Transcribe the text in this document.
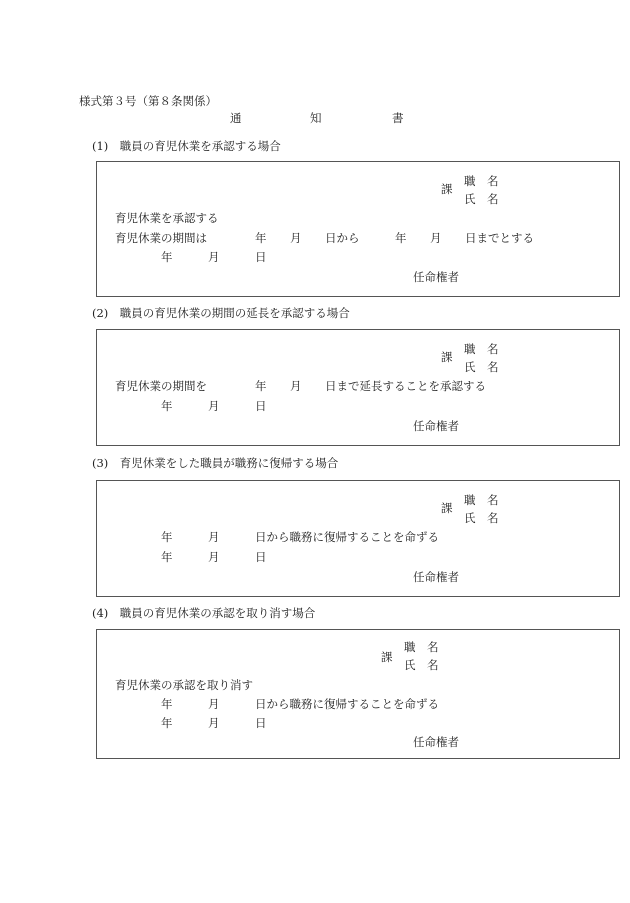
様式第３号（第８条関係）
通	知	書
(1)　職員の育児休業を承認する場合
課
職　名
氏　名
育児休業を承認する
育児休業の期間は	年 月 日から	年 月 日までとする
年	月	日
任命権者
(2)　職員の育児休業の期間の延長を承認する場合
課
職　名
氏　名
育児休業の期間を	年 月 日まで延長することを承認する
年	月	日
任命権者
(3)　育児休業をした職員が職務に復帰する場合
課
職　名
氏　名
年	月	日から職務に復帰することを命ずる
年	月	日
任命権者
(4)　職員の育児休業の承認を取り消す場合
課
職　名
氏　名
育児休業の承認を取り消す
年	月	日から職務に復帰することを命ずる
年	月	日
任命権者
